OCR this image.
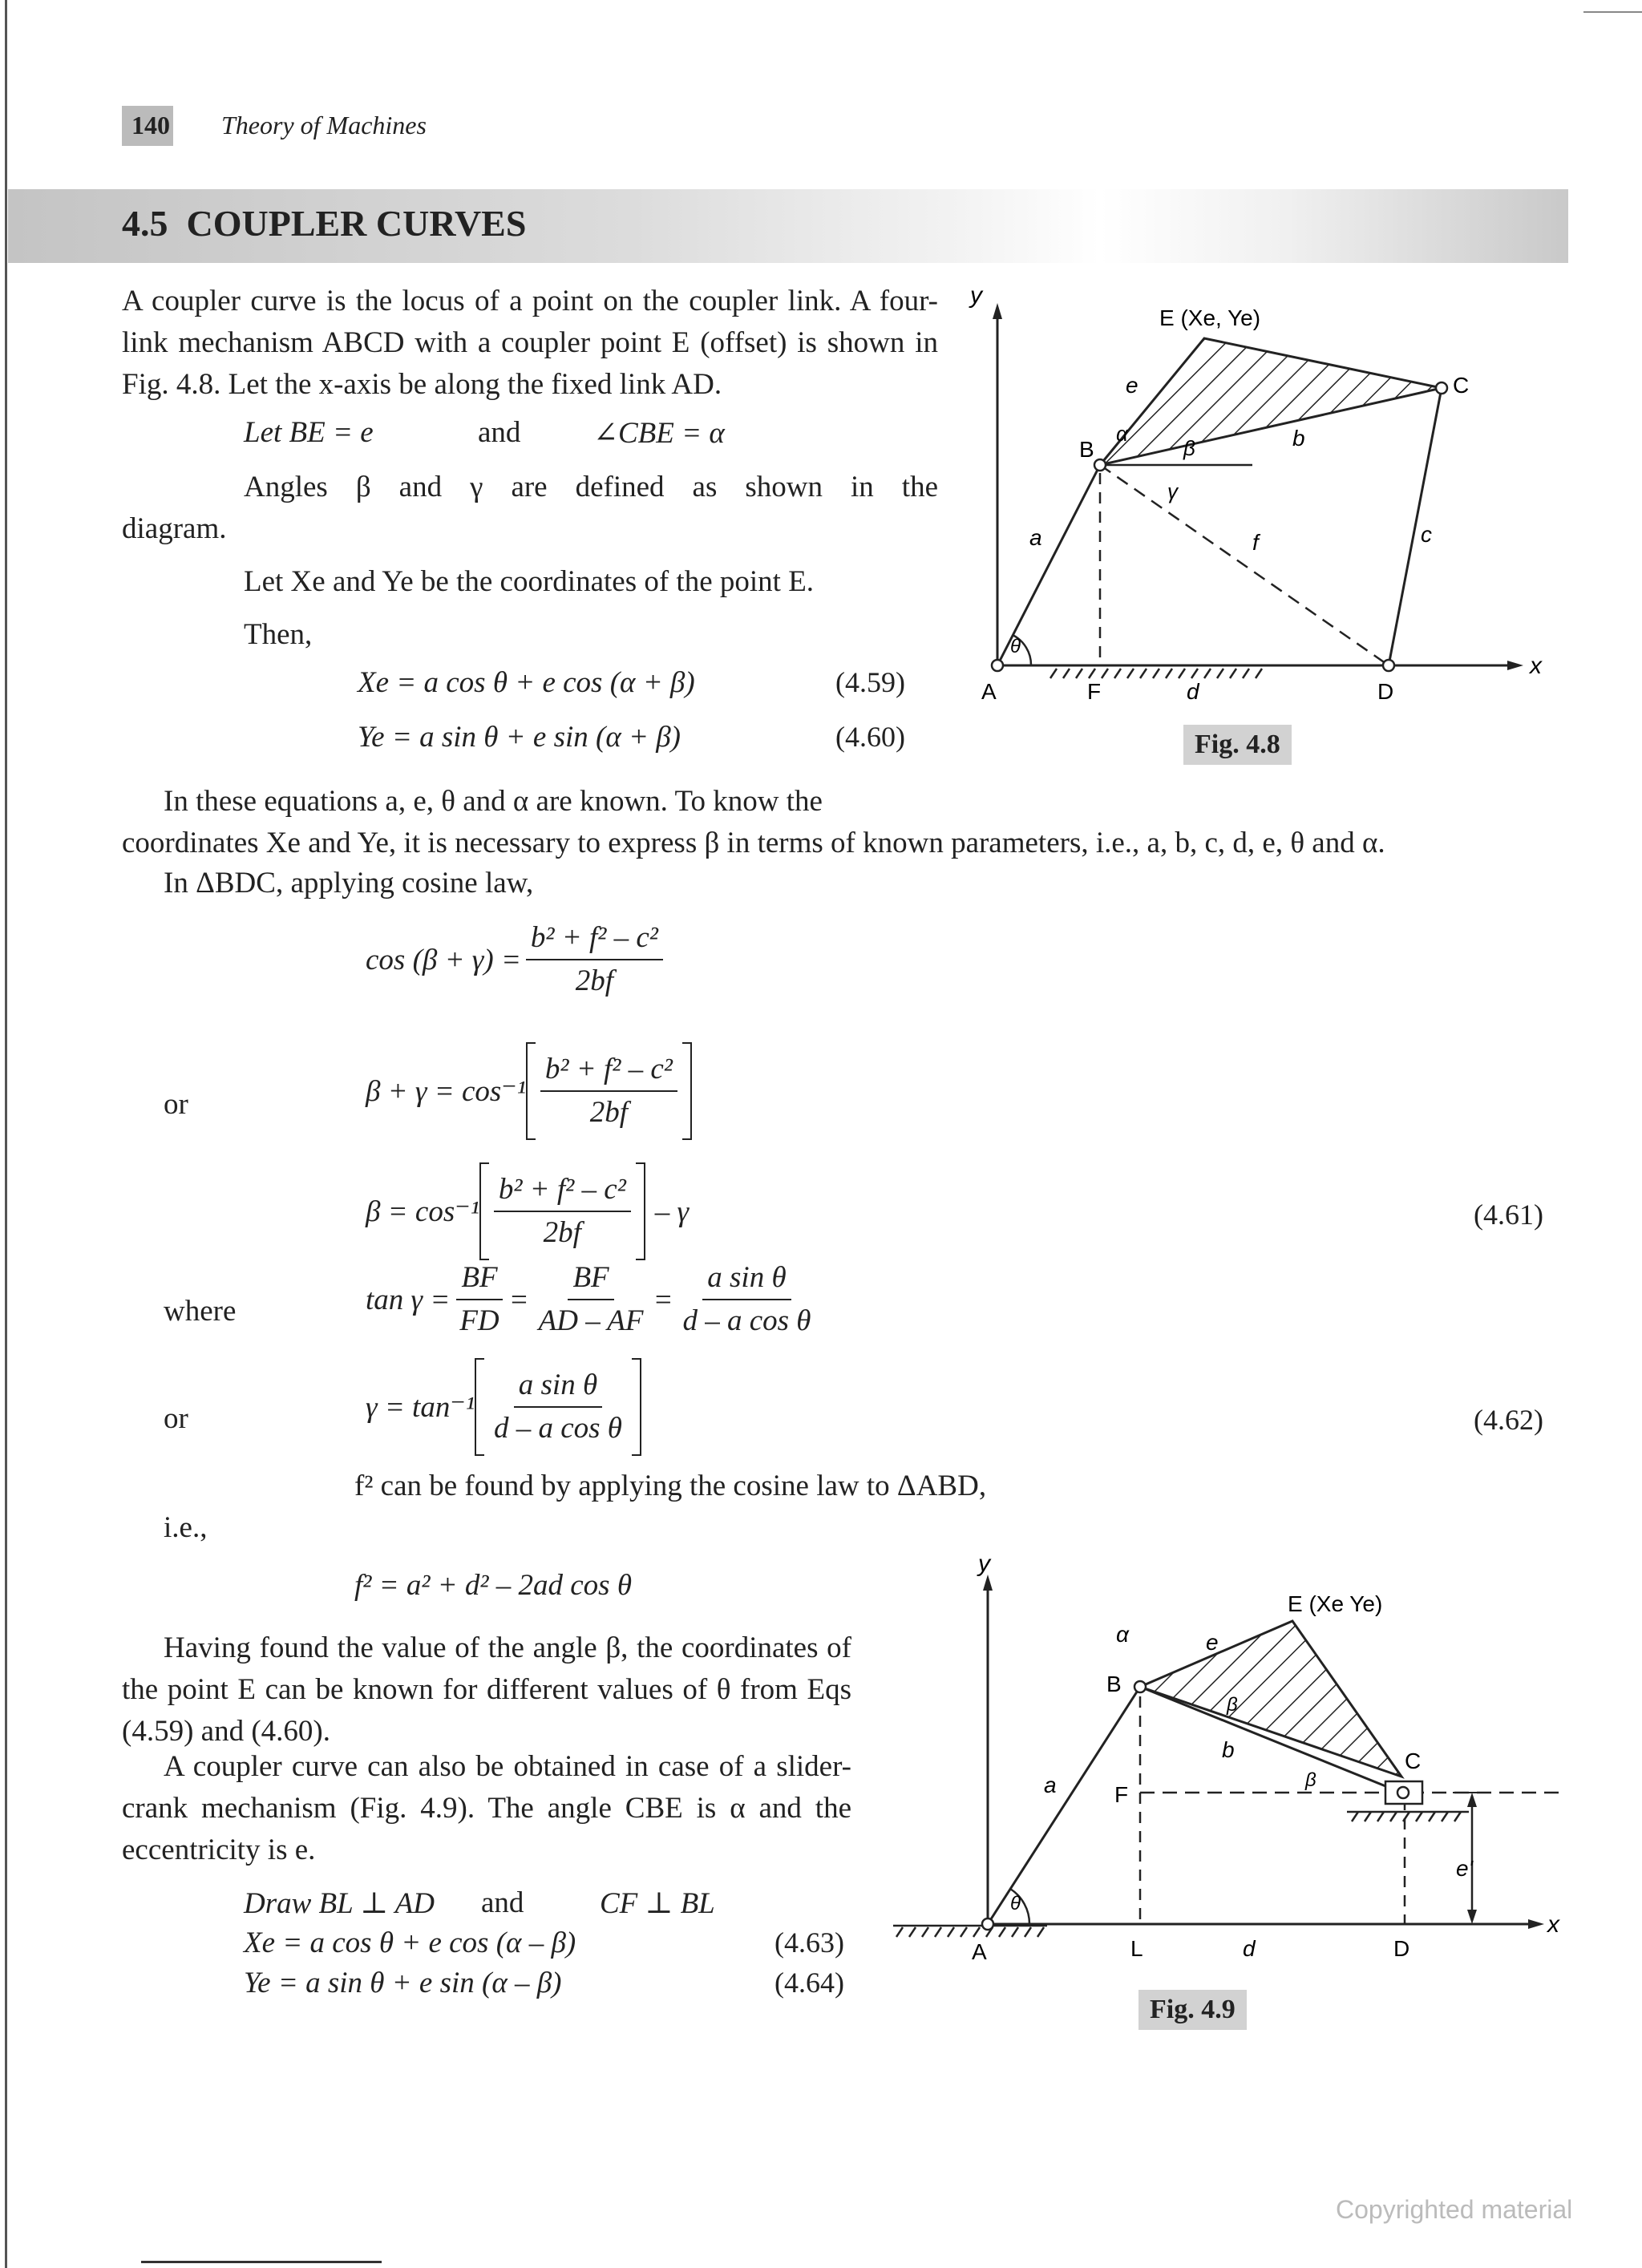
140 Theory of Machines
4.5  COUPLER CURVES
A coupler curve is the locus of a point on the coupler link. A four-link mechanism ABCD with a coupler point E (offset) is shown in Fig. 4.8. Let the x-axis be along the fixed link AD.
Let BE = e	and ∠CBE = α
Angles β and γ are defined as shown in the
diagram.
Let Xe and Ye be the coordinates of the point E.
Then,
Xe = a cos θ + e cos (α + β)	(4.59)
Ye = a sin θ + e sin (α + β)	(4.60)
y
x
E (Xe, Ye)
e	C
B
α
β	b
γ
a	f	c
θ
A	F	d	D
Fig. 4.8
In these equations a, e, θ and α are known. To know the
coordinates Xe and Ye, it is necessary to express β in terms of known parameters, i.e., a, b, c, d, e, θ and α.
In ΔBDC, applying cosine law,
$\cos (\beta + \gamma) = \frac{\text{b² + f² – c²}}{2bf}$
or	$\beta + \gamma = \cos^{-1} \frac{\text{b² + f² – c²}}{2bf}$
$\beta = \cos^{-1} \frac{\text{b² + f² – c²}}{2bf} - \gamma$	(4.61)
where	$\tan \gamma = \frac{BF}{FD} = \frac{BF}{AD - AF} = \frac{\text{a sin θ}}{\text{d – a cos θ}}$
or	$\gamma = \tan^{-1} \frac{\text{a sin θ}}{\text{d – a cos θ}}$	(4.62)
f² can be found by applying the cosine law to ΔABD,
i.e.,
f² = a² + d² – 2ad cos θ
Having found the value of the angle β, the coordinates of the point E can be known for different values of θ from Eqs (4.59) and (4.60).
A coupler curve can also be obtained in case of a slider-crank mechanism (Fig. 4.9). The angle CBE is α and the eccentricity is e.
Draw BL ⊥ AD and	CF ⊥ BL
Xe = a cos θ + e cos (α – β)	(4.63)
Ye = a sin θ + e sin (α – β)	(4.64)
y
x
E (Xe Ye)
α	e
B
β
b	C
a	F
β
e'
θ
A	L	d	D
Fig. 4.9
Copyrighted material
